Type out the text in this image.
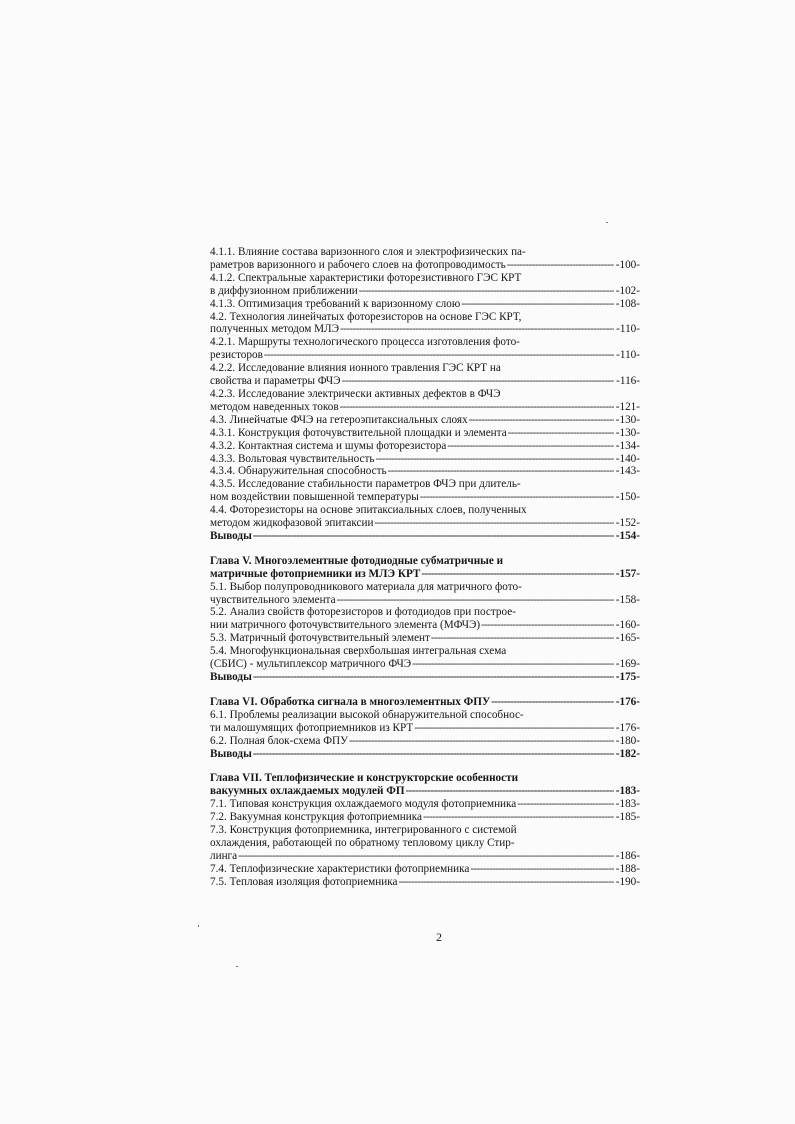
4.1.1. Влияние состава варизонного слоя и электрофизических па-
раметров варизонного и рабочего слоев на фотопроводимость -----	-100-
4.1.2. Спектральные характеристики фоторезистивного ГЭС КРТ
в диффузионном приближении -----	-102-
4.1.3. Оптимизация требований к варизонному слою -----	-108-
4.2. Технология линейчатых фоторезисторов на основе ГЭС КРТ,
полученных методом МЛЭ -----	-110-
4.2.1. Маршруты технологического процесса изготовления фото-
резисторов -----	-110-
4.2.2. Исследование влияния ионного травления ГЭС КРТ на
свойства и параметры ФЧЭ -----	-116-
4.2.3. Исследование электрически активных дефектов в ФЧЭ
методом наведенных токов -----	-121-
4.3. Линейчатые ФЧЭ на гетероэпитаксиальных слоях -----	-130-
4.3.1. Конструкция фоточувствительной площадки и элемента -----	-130-
4.3.2. Контактная система и шумы фоторезистора -----	-134-
4.3.3. Вольтовая чувствительность -----	-140-
4.3.4. Обнаружительная способность -----	-143-
4.3.5. Исследование стабильности параметров ФЧЭ при длитель-
ном воздействии повышенной температуры -----	-150-
4.4. Фоторезисторы на основе эпитаксиальных слоев, полученных
методом жидкофазовой эпитаксии -----	-152-
Выводы -----	-154-
Глава V. Многоэлементные фотодиодные субматричные и
матричные фотоприемники из МЛЭ КРТ -----	-157-
5.1. Выбор полупроводникового материала для матричного фото-
чувствительного элемента -----	-158-
5.2. Анализ свойств фоторезисторов и фотодиодов при построе-
нии матричного фоточувствительного элемента (МФЧЭ) -----	-160-
5.3. Матричный фоточувствительный элемент -----	-165-
5.4. Многофункциональная сверхбольшая интегральная схема
(СБИС) - мультиплексор матричного ФЧЭ -----	-169-
Выводы -----	-175-
Глава VI. Обработка сигнала в многоэлементных ФПУ -----	-176-
6.1. Проблемы реализации высокой обнаружительной способнос-
ти малошумящих фотоприемников из КРТ -----	-176-
6.2. Полная блок-схема ФПУ -----	-180-
Выводы -----	-182-
Глава VII. Теплофизические и конструкторские особенности
вакуумных охлаждаемых модулей ФП -----	-183-
7.1. Типовая конструкция охлаждаемого модуля фотоприемника -----	-183-
7.2. Вакуумная конструкция фотоприемника -----	-185-
7.3. Конструкция фотоприемника, интегрированного с системой
охлаждения, работающей по обратному тепловому циклу Стир-
линга -----	-186-
7.4. Теплофизические характеристики фотоприемника -----	-188-
7.5. Тепловая изоляция фотоприемника -----	-190-
2
